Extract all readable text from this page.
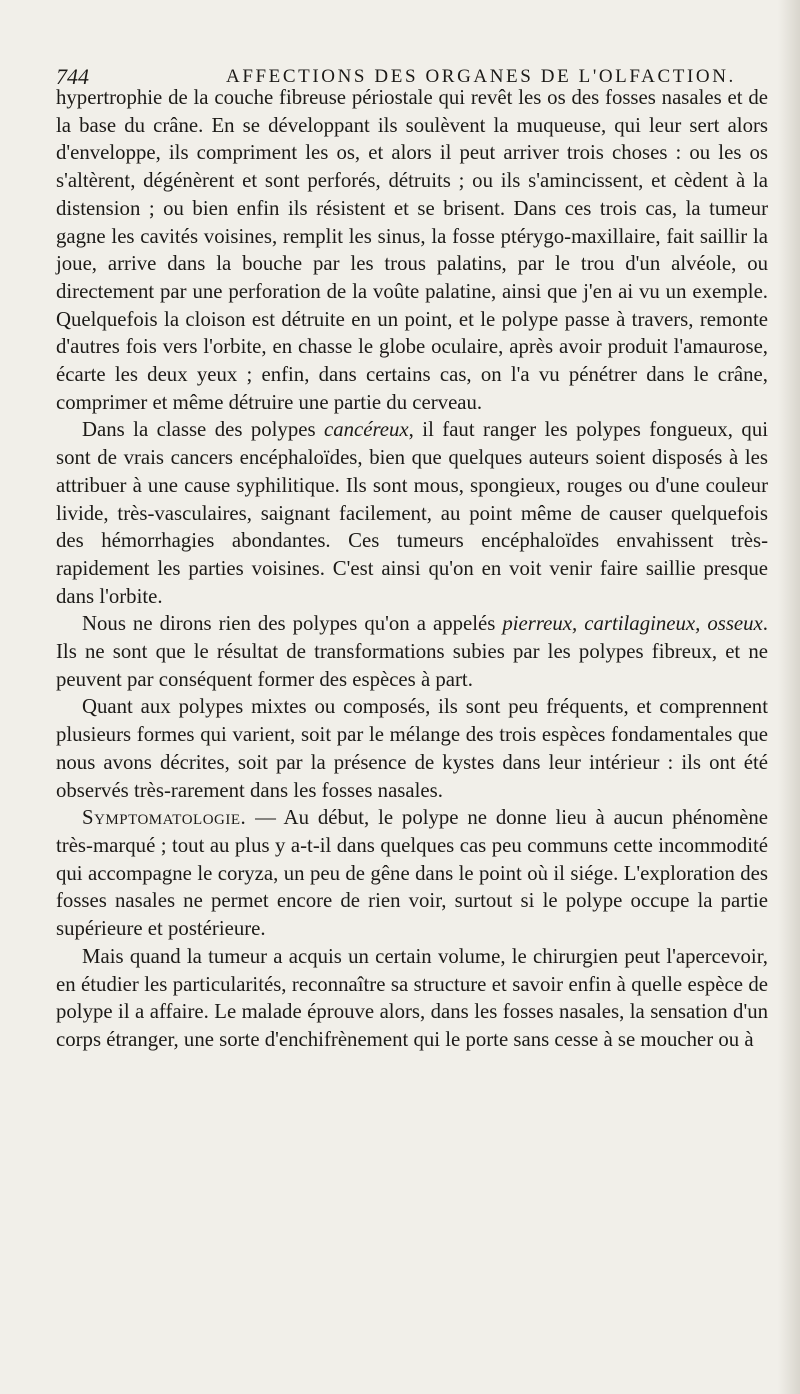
744	AFFECTIONS DES ORGANES DE L'OLFACTION.

hypertrophie de la couche fibreuse périostale qui revêt les os des fosses nasales et de la base du crâne. En se développant ils soulèvent la muqueuse, qui leur sert alors d'enveloppe, ils compriment les os, et alors il peut arriver trois choses : ou les os s'altèrent, dégénèrent et sont perforés, détruits ; ou ils s'amincissent, et cèdent à la distension ; ou bien enfin ils résistent et se brisent. Dans ces trois cas, la tumeur gagne les cavités voisines, remplit les sinus, la fosse ptérygo-maxillaire, fait saillir la joue, arrive dans la bouche par les trous palatins, par le trou d'un alvéole, ou directement par une perforation de la voûte palatine, ainsi que j'en ai vu un exemple. Quelquefois la cloison est détruite en un point, et le polype passe à travers, remonte d'autres fois vers l'orbite, en chasse le globe oculaire, après avoir produit l'amaurose, écarte les deux yeux ; enfin, dans certains cas, on l'a vu pénétrer dans le crâne, comprimer et même détruire une partie du cerveau.

Dans la classe des polypes cancéreux, il faut ranger les polypes fongueux, qui sont de vrais cancers encéphaloïdes, bien que quelques auteurs soient disposés à les attribuer à une cause syphilitique. Ils sont mous, spongieux, rouges ou d'une couleur livide, très-vasculaires, saignant facilement, au point même de causer quelquefois des hémorrhagies abondantes. Ces tumeurs encéphaloïdes envahissent très-rapidement les parties voisines. C'est ainsi qu'on en voit venir faire saillie presque dans l'orbite.

Nous ne dirons rien des polypes qu'on a appelés pierreux, cartilagineux, osseux. Ils ne sont que le résultat de transformations subies par les polypes fibreux, et ne peuvent par conséquent former des espèces à part.

Quant aux polypes mixtes ou composés, ils sont peu fréquents, et comprennent plusieurs formes qui varient, soit par le mélange des trois espèces fondamentales que nous avons décrites, soit par la présence de kystes dans leur intérieur : ils ont été observés très-rarement dans les fosses nasales.

Symptomatologie. — Au début, le polype ne donne lieu à aucun phénomène très-marqué ; tout au plus y a-t-il dans quelques cas peu communs cette incommodité qui accompagne le coryza, un peu de gêne dans le point où il siége. L'exploration des fosses nasales ne permet encore de rien voir, surtout si le polype occupe la partie supérieure et postérieure.

Mais quand la tumeur a acquis un certain volume, le chirurgien peut l'apercevoir, en étudier les particularités, reconnaître sa structure et savoir enfin à quelle espèce de polype il a affaire. Le malade éprouve alors, dans les fosses nasales, la sensation d'un corps étranger, une sorte d'enchifrènement qui le porte sans cesse à se moucher ou à
